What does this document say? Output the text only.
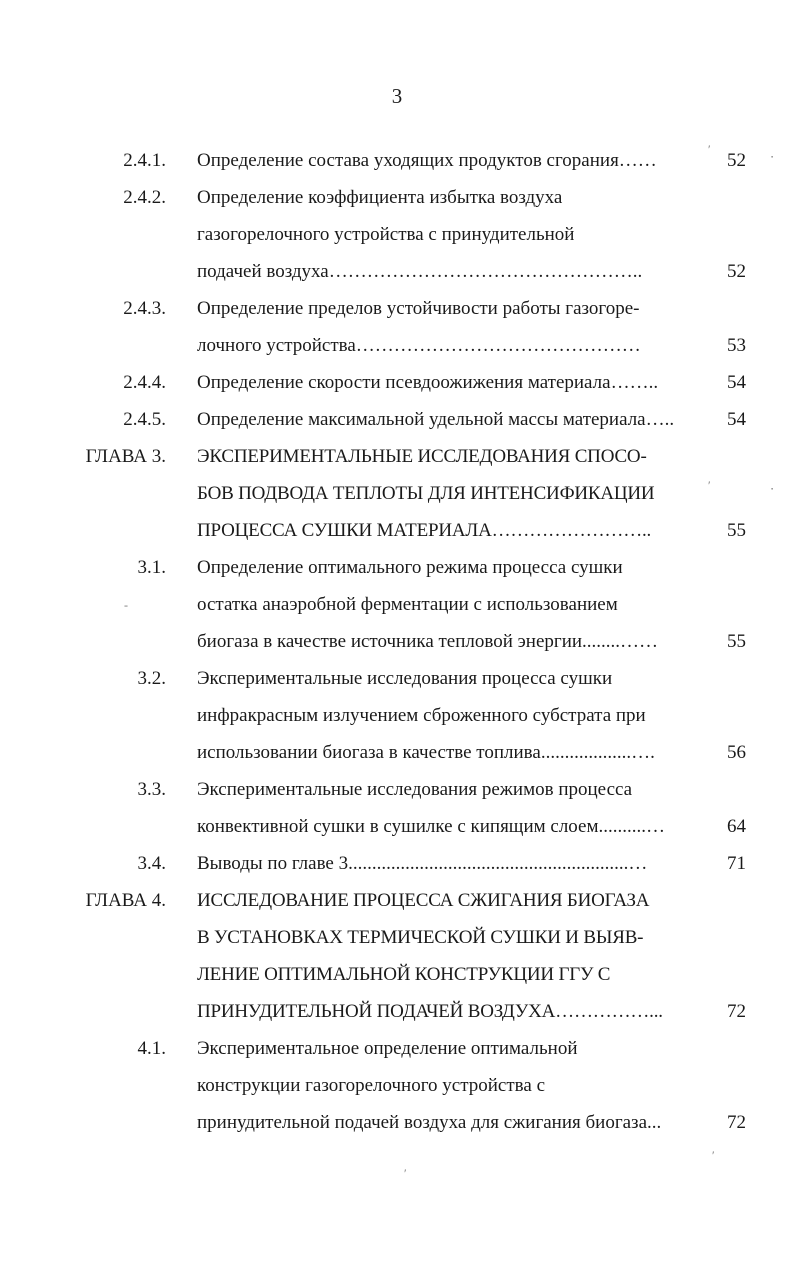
3
2.4.1. Определение состава уходящих продуктов сгорания……	52
2.4.2. Определение коэффициента избытка воздуха
газогорелочного устройства с принудительной
подачей воздуха…………………………………………..	52
2.4.3. Определение пределов устойчивости работы газогоре-
лочного устройства………………………………………	53
2.4.4. Определение скорости псевдоожижения материала……..	54
2.4.5. Определение максимальной удельной массы материала…..	54
ГЛАВА 3. ЭКСПЕРИМЕНТАЛЬНЫЕ ИССЛЕДОВАНИЯ СПОСО-
БОВ ПОДВОДА ТЕПЛОТЫ ДЛЯ ИНТЕНСИФИКАЦИИ
ПРОЦЕССА СУШКИ МАТЕРИАЛА……………………..	55
3.1. Определение оптимального режима процесса сушки
остатка анаэробной ферментации с использованием
биогаза в качестве источника тепловой энергии........……	55
3.2. Экспериментальные исследования процесса сушки
инфракрасным излучением сброженного субстрата при
использовании биогаза в качестве топлива...................….	56
3.3. Экспериментальные исследования режимов процесса
конвективной сушки в сушилке с кипящим слоем..........…	64
3.4. Выводы по главе 3...........................................................…	71
ГЛАВА 4. ИССЛЕДОВАНИЕ ПРОЦЕССА СЖИГАНИЯ БИОГАЗА
В УСТАНОВКАХ ТЕРМИЧЕСКОЙ СУШКИ И ВЫЯВ-
ЛЕНИЕ ОПТИМАЛЬНОЙ КОНСТРУКЦИИ ГГУ С
ПРИНУДИТЕЛЬНОЙ ПОДАЧЕЙ ВОЗДУХА……………...	72
4.1. Экспериментальное определение оптимальной
конструкции газогорелочного устройства с
принудительной подачей воздуха для сжигания биогаза...	72
′
⋅
′	⋅
-
′
′
